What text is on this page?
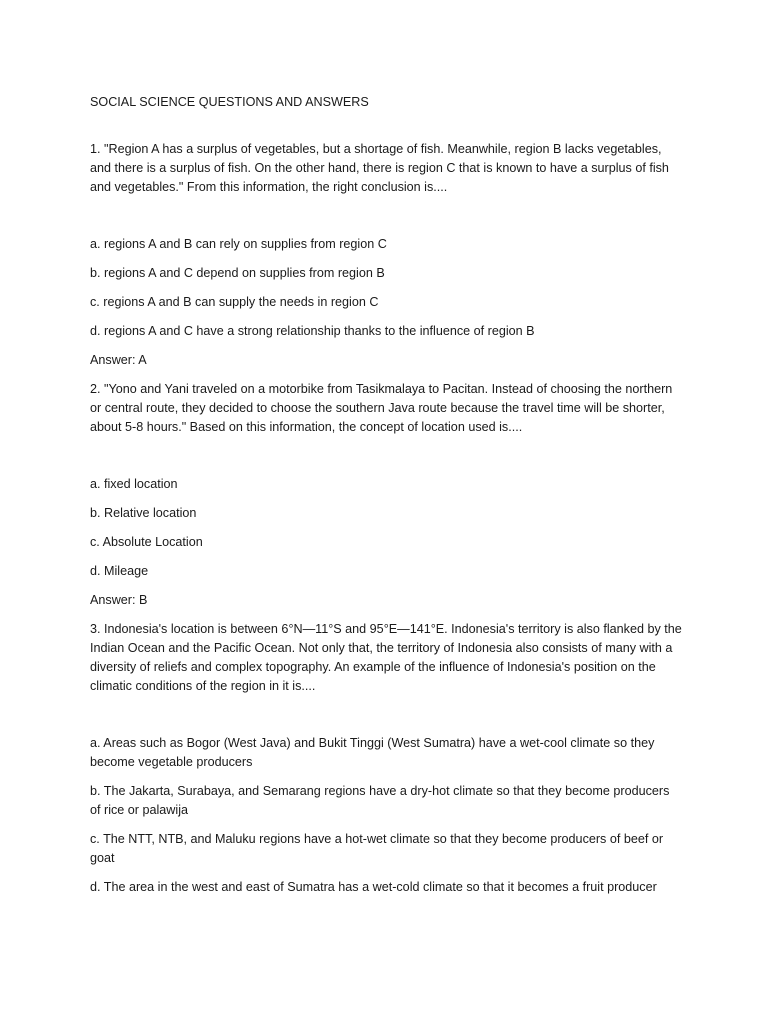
SOCIAL SCIENCE QUESTIONS AND ANSWERS

1. "Region A has a surplus of vegetables, but a shortage of fish. Meanwhile, region B lacks vegetables, and there is a surplus of fish. On the other hand, there is region C that is known to have a surplus of fish and vegetables." From this information, the right conclusion is....

a. regions A and B can rely on supplies from region C

b. regions A and C depend on supplies from region B

c. regions A and B can supply the needs in region C

d. regions A and C have a strong relationship thanks to the influence of region B

Answer: A

2. "Yono and Yani traveled on a motorbike from Tasikmalaya to Pacitan. Instead of choosing the northern or central route, they decided to choose the southern Java route because the travel time will be shorter, about 5-8 hours." Based on this information, the concept of location used is....

a. fixed location

b. Relative location

c. Absolute Location

d. Mileage

Answer: B

3. Indonesia's location is between 6°N—11°S and 95°E—141°E. Indonesia's territory is also flanked by the Indian Ocean and the Pacific Ocean. Not only that, the territory of Indonesia also consists of many with a diversity of reliefs and complex topography. An example of the influence of Indonesia's position on the climatic conditions of the region in it is....

a. Areas such as Bogor (West Java) and Bukit Tinggi (West Sumatra) have a wet-cool climate so they become vegetable producers

b. The Jakarta, Surabaya, and Semarang regions have a dry-hot climate so that they become producers of rice or palawija

c. The NTT, NTB, and Maluku regions have a hot-wet climate so that they become producers of beef or goat

d. The area in the west and east of Sumatra has a wet-cold climate so that it becomes a fruit producer
